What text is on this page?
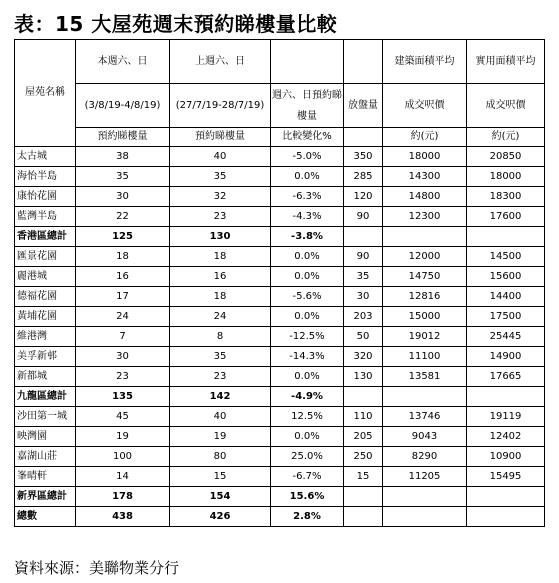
表：15 大屋苑週末預約睇樓量比較
屋苑名稱	本週六、日	上週六、日			建築面積平均	實用面積平均
	(3/8/19-4/8/19)	(27/7/19-28/7/19)	週六、日預約睇樓量	放盤量	成交呎價	成交呎價
	預約睇樓量	預約睇樓量	比較變化%		約(元)	約(元)
太古城	38	40	-5.0%	350	18000	20850
海怡半島	35	35	0.0%	285	14300	18000
康怡花園	30	32	-6.3%	120	14800	18300
藍灣半島	22	23	-4.3%	90	12300	17600
香港區總計	125	130	-3.8%			
匯景花園	18	18	0.0%	90	12000	14500
麗港城	16	16	0.0%	35	14750	15600
德福花園	17	18	-5.6%	30	12816	14400
黃埔花園	24	24	0.0%	203	15000	17500
維港灣	7	8	-12.5%	50	19012	25445
美孚新邨	30	35	-14.3%	320	11100	14900
新都城	23	23	0.0%	130	13581	17665
九龍區總計	135	142	-4.9%			
沙田第一城	45	40	12.5%	110	13746	19119
映灣園	19	19	0.0%	205	9043	12402
嘉湖山莊	100	80	25.0%	250	8290	10900
峯晴軒	14	15	-6.7%	15	11205	15495
新界區總計	178	154	15.6%			
總數	438	426	2.8%			
資料來源：美聯物業分行
